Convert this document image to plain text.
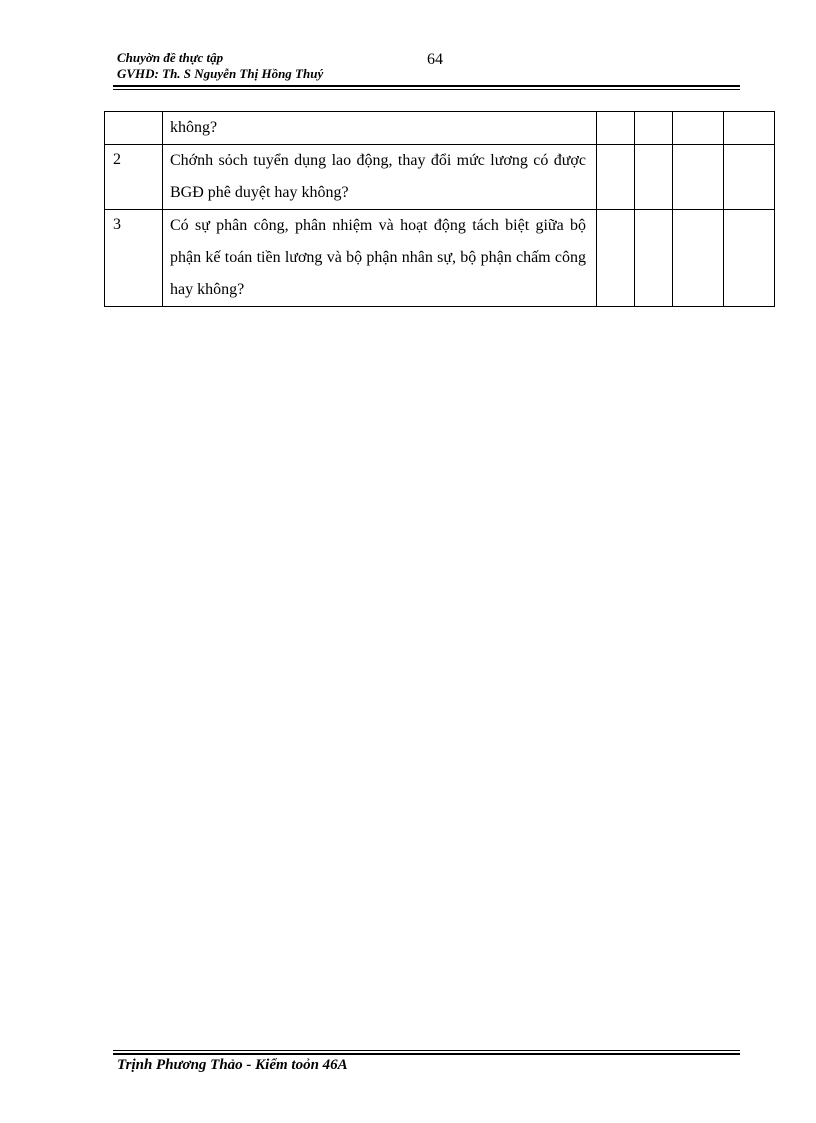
Chuyờn đề thực tập
GVHD: Th. S Nguyễn Thị Hồng Thuý
64
	không?				
2	Chớnh sỏch tuyển dụng lao động, thay đổi mức lương có được BGĐ phê duyệt hay không?				
3	Có sự phân công, phân nhiệm và hoạt động tách biệt giữa bộ phận kế toán tiền lương và bộ phận nhân sự, bộ phận chấm công hay không?				
Trịnh Phương Thảo - Kiểm toỏn 46A
